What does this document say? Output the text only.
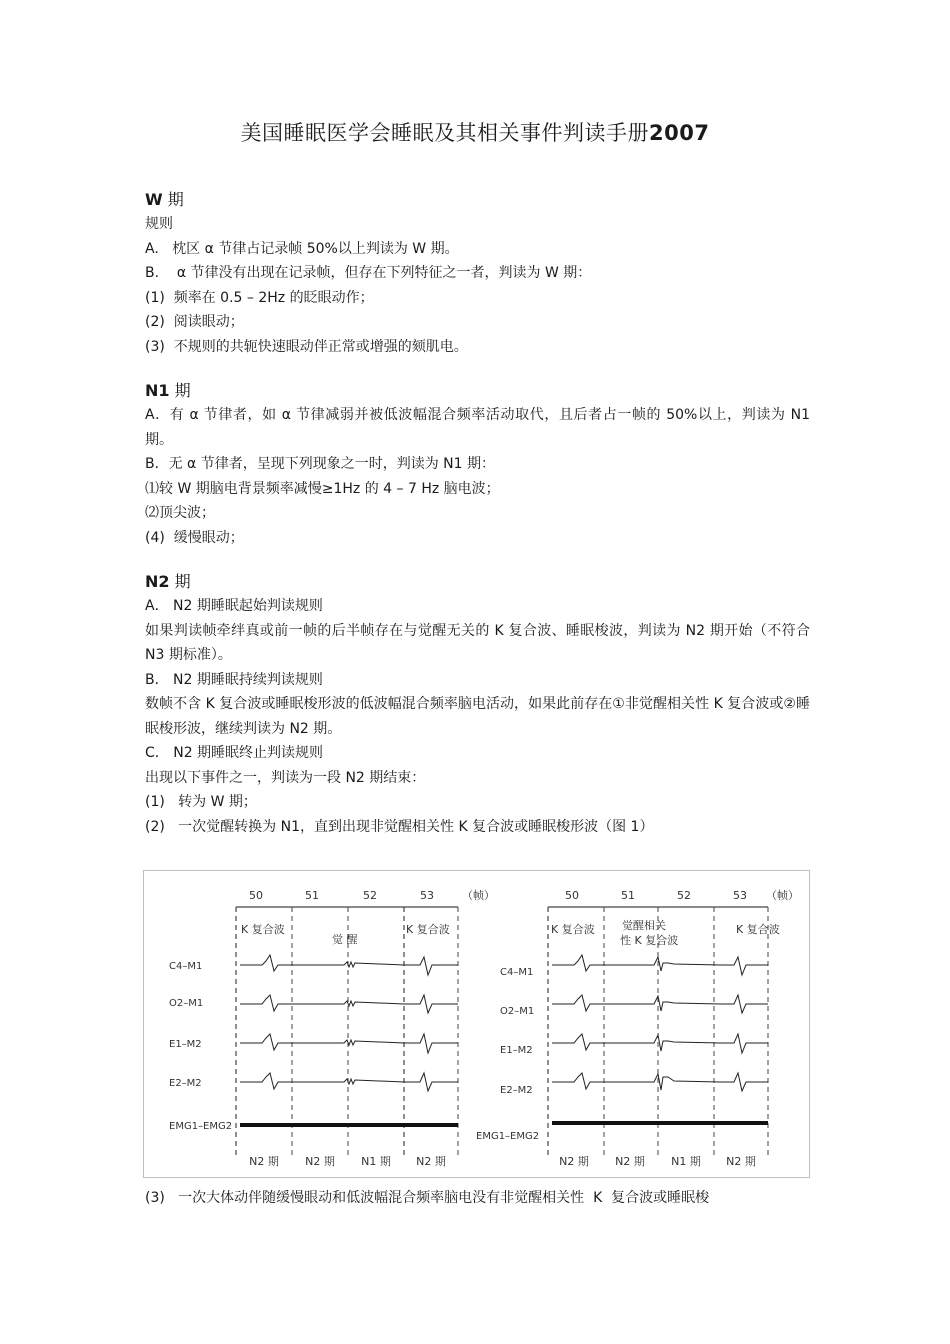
美国睡眠医学会睡眠及其相关事件判读手册2007

W 期

规则

A.   枕区 α 节律占记录帧 50%以上判读为 W 期。

B.    α 节律没有出现在记录帧，但存在下列特征之一者，判读为 W 期：

(1)  频率在 0.5 – 2Hz 的眨眼动作；

(2)  阅读眼动；

(3)  不规则的共轭快速眼动伴正常或增强的颏肌电。

N1 期

A．有 α 节律者，如 α 节律减弱并被低波幅混合频率活动取代，且后者占一帧的 50%以上，判读为 N1 期。

B．无 α 节律者，呈现下列现象之一时，判读为 N1 期：

⑴较 W 期脑电背景频率减慢≥1Hz 的 4 – 7 Hz 脑电波；

⑵顶尖波；

(4)  缓慢眼动；

N2 期

A． N2 期睡眠起始判读规则

如果判读帧牵绊真或前一帧的后半帧存在与觉醒无关的 K 复合波、睡眠梭波，判读为 N2 期开始（不符合 N3 期标准）。

B． N2 期睡眠持续判读规则

数帧不含 K 复合波或睡眠梭形波的低波幅混合频率脑电活动，如果此前存在①非觉醒相关性 K 复合波或②睡眠梭形波，继续判读为 N2 期。

C． N2 期睡眠终止判读规则

出现以下事件之一，判读为一段 N2 期结束：

(1)   转为 W 期；

(2)   一次觉醒转换为 N1，直到出现非觉醒相关性 K 复合波或睡眠梭形波（图 1）

50	51	52	53	（帧）
K 复合波
觉 醒
K 复合波
C4–M1
O2–M1
E1–M2
E2–M2
EMG1–EMG2
N2 期 N2 期 N1 期 N2 期
50	51	52	53 （帧）
K 复合波 觉醒相关
性 K 复合波
K 复合波
C4–M1
O2–M1
E1–M2
E2–M2
EMG1–EMG2
N2 期 N2 期 N1 期 N2 期

(3)   一次大体动伴随缓慢眼动和低波幅混合频率脑电没有非觉醒相关性  K  复合波或睡眠梭
